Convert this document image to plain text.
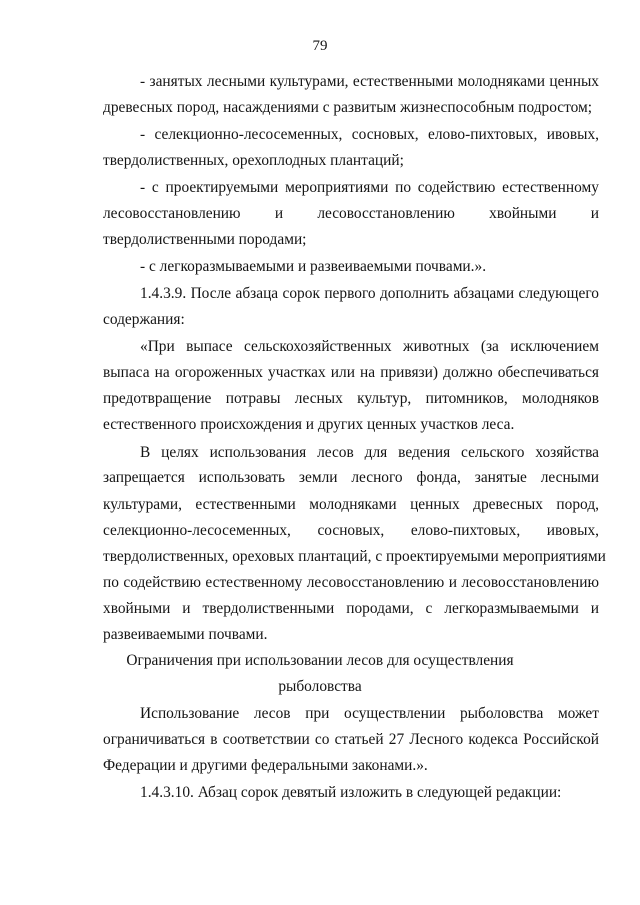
79
- занятых лесными культурами, естественными молодняками ценных
древесных пород, насаждениями с развитым жизнеспособным подростом;
- селекционно-лесосеменных, сосновых, елово-пихтовых, ивовых,
твердолиственных, орехоплодных плантаций;
- с проектируемыми мероприятиями по содействию естественному
лесовосстановлению и лесовосстановлению хвойными и
твердолиственными породами;
- с легкоразмываемыми и развеиваемыми почвами.».
1.4.3.9. После абзаца сорок первого дополнить абзацами следующего
содержания:
«При выпасе сельскохозяйственных животных (за исключением
выпаса на огороженных участках или на привязи) должно обеспечиваться
предотвращение потравы лесных культур, питомников, молодняков
естественного происхождения и других ценных участков леса.
В целях использования лесов для ведения сельского хозяйства
запрещается использовать земли лесного фонда, занятые лесными
культурами, естественными молодняками ценных древесных пород,
селекционно-лесосеменных, сосновых, елово-пихтовых, ивовых,
твердолиственных, ореховых плантаций, с проектируемыми мероприятиями
по содействию естественному лесовосстановлению и лесовосстановлению
хвойными и твердолиственными породами, с легкоразмываемыми и
развеиваемыми почвами.
Ограничения при использовании лесов для осуществления
рыболовства
Использование лесов при осуществлении рыболовства может
ограничиваться в соответствии со статьей 27 Лесного кодекса Российской
Федерации и другими федеральными законами.».
1.4.3.10. Абзац сорок девятый изложить в следующей редакции:
